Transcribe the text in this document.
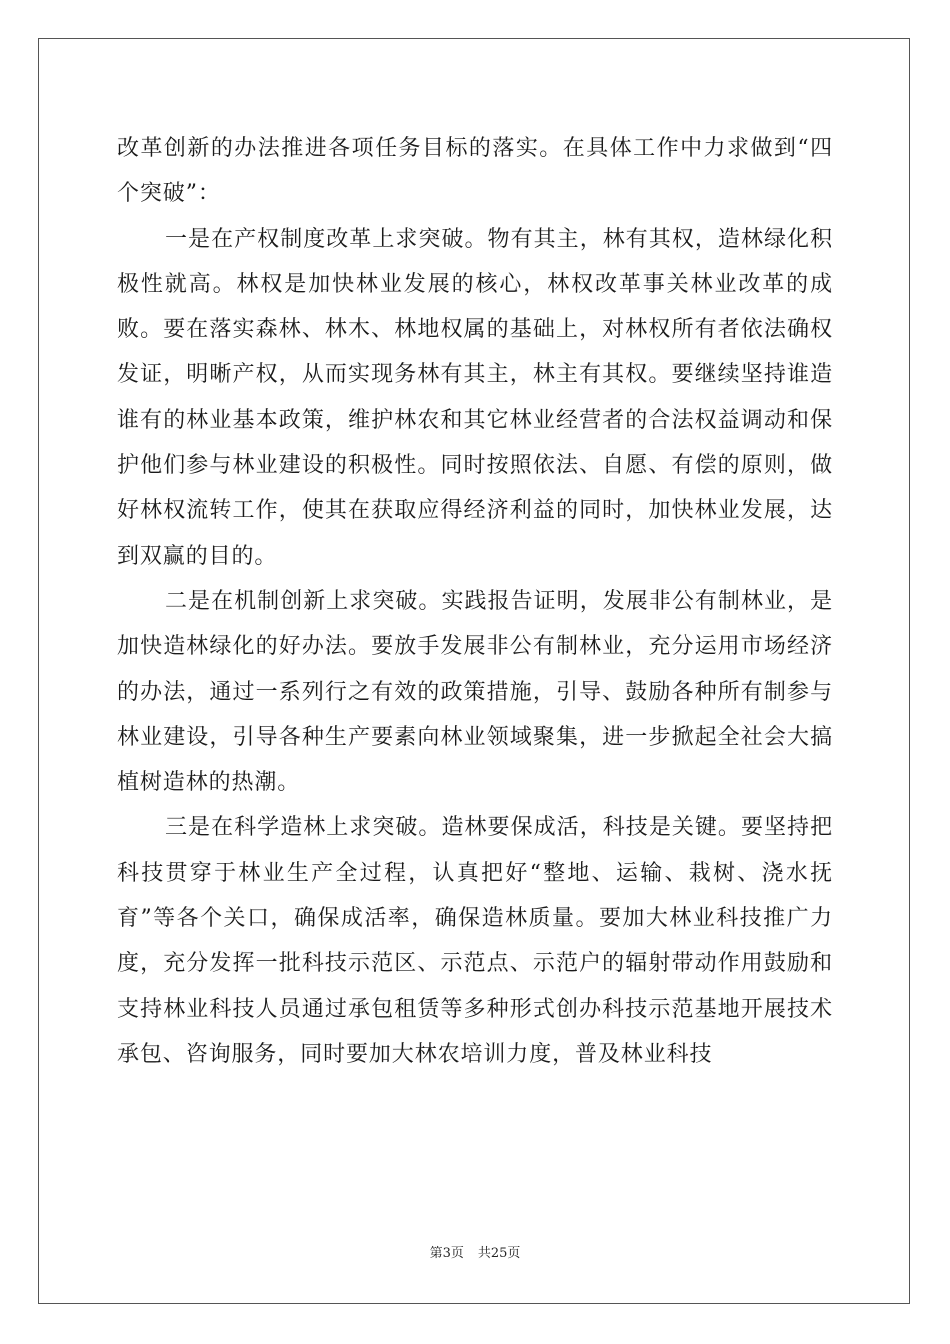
改革创新的办法推进各项任务目标的落实。在具体工作中力求做到“四个突破”：

一是在产权制度改革上求突破。物有其主，林有其权，造林绿化积极性就高。林权是加快林业发展的核心，林权改革事关林业改革的成败。要在落实森林、林木、林地权属的基础上，对林权所有者依法确权发证，明晰产权，从而实现务林有其主，林主有其权。要继续坚持谁造谁有的林业基本政策，维护林农和其它林业经营者的合法权益调动和保护他们参与林业建设的积极性。同时按照依法、自愿、有偿的原则，做好林权流转工作，使其在获取应得经济利益的同时，加快林业发展，达到双赢的目的。

二是在机制创新上求突破。实践报告证明，发展非公有制林业，是加快造林绿化的好办法。要放手发展非公有制林业，充分运用市场经济的办法，通过一系列行之有效的政策措施，引导、鼓励各种所有制参与林业建设，引导各种生产要素向林业领域聚集，进一步掀起全社会大搞植树造林的热潮。

三是在科学造林上求突破。造林要保成活，科技是关键。要坚持把科技贯穿于林业生产全过程，认真把好“整地、运输、栽树、浇水抚育”等各个关口，确保成活率，确保造林质量。要加大林业科技推广力度，充分发挥一批科技示范区、示范点、示范户的辐射带动作用鼓励和支持林业科技人员通过承包租赁等多种形式创办科技示范基地开展技术承包、咨询服务，同时要加大林农培训力度，普及林业科技

第3页 共25页
